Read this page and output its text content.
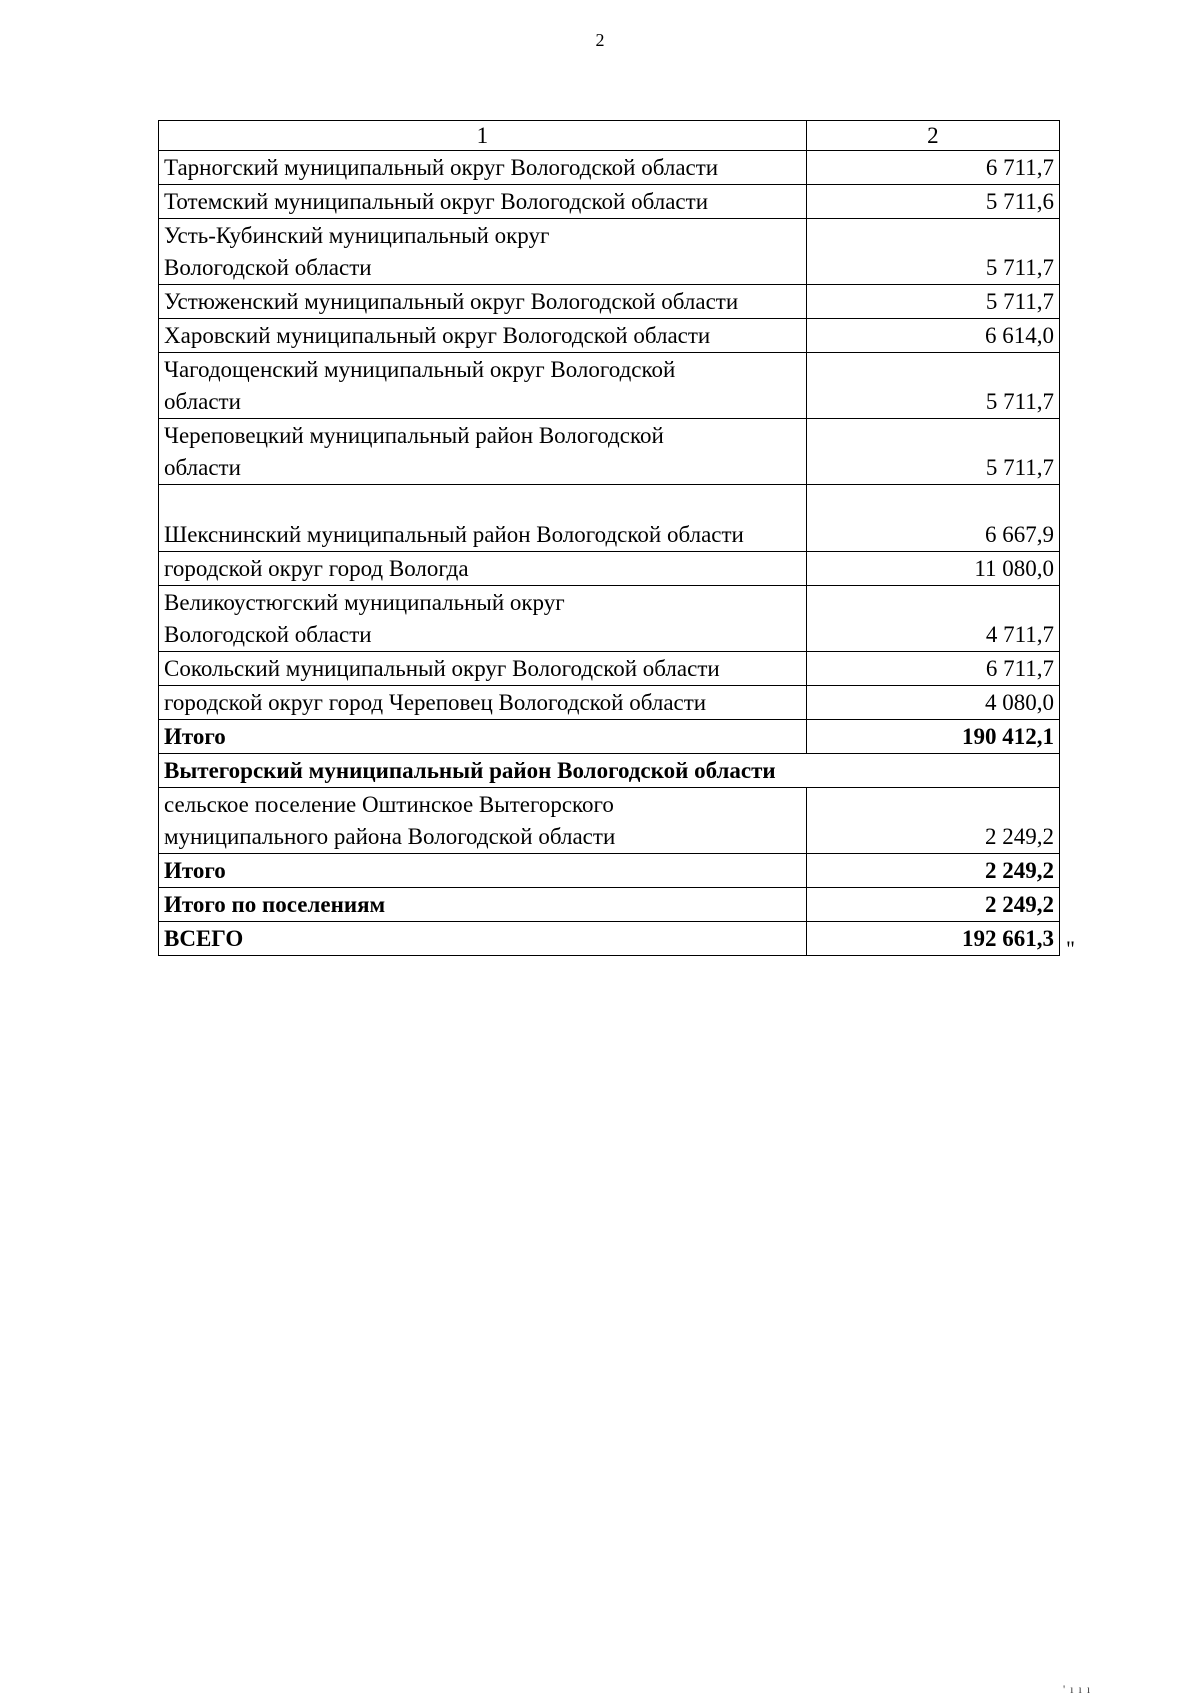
2
1	2
Тарногский муниципальный округ Вологодской области	6 711,7
Тотемский муниципальный округ Вологодской области	5 711,6
Усть-Кубинский муниципальный округ
Вологодской области	5 711,7
Устюженский муниципальный округ Вологодской области	5 711,7
Харовский муниципальный округ Вологодской области	6 614,0
Чагодощенский муниципальный округ Вологодской
области	5 711,7
Череповецкий муниципальный район Вологодской
области	5 711,7
Шекснинский муниципальный район Вологодской области	6 667,9
городской округ город Вологда	11 080,0
Великоустюгский муниципальный округ
Вологодской области	4 711,7
Сокольский муниципальный округ Вологодской области	6 711,7
городской округ город Череповец Вологодской области	4 080,0
Итого	190 412,1
Вытегорский муниципальный район Вологодской области	
сельское поселение Оштинское Вытегорского
муниципального района Вологодской области	2 249,2
Итого	2 249,2
Итого по поселениям	2 249,2
ВСЕГО	192 661,3 "
' ı ı ı
